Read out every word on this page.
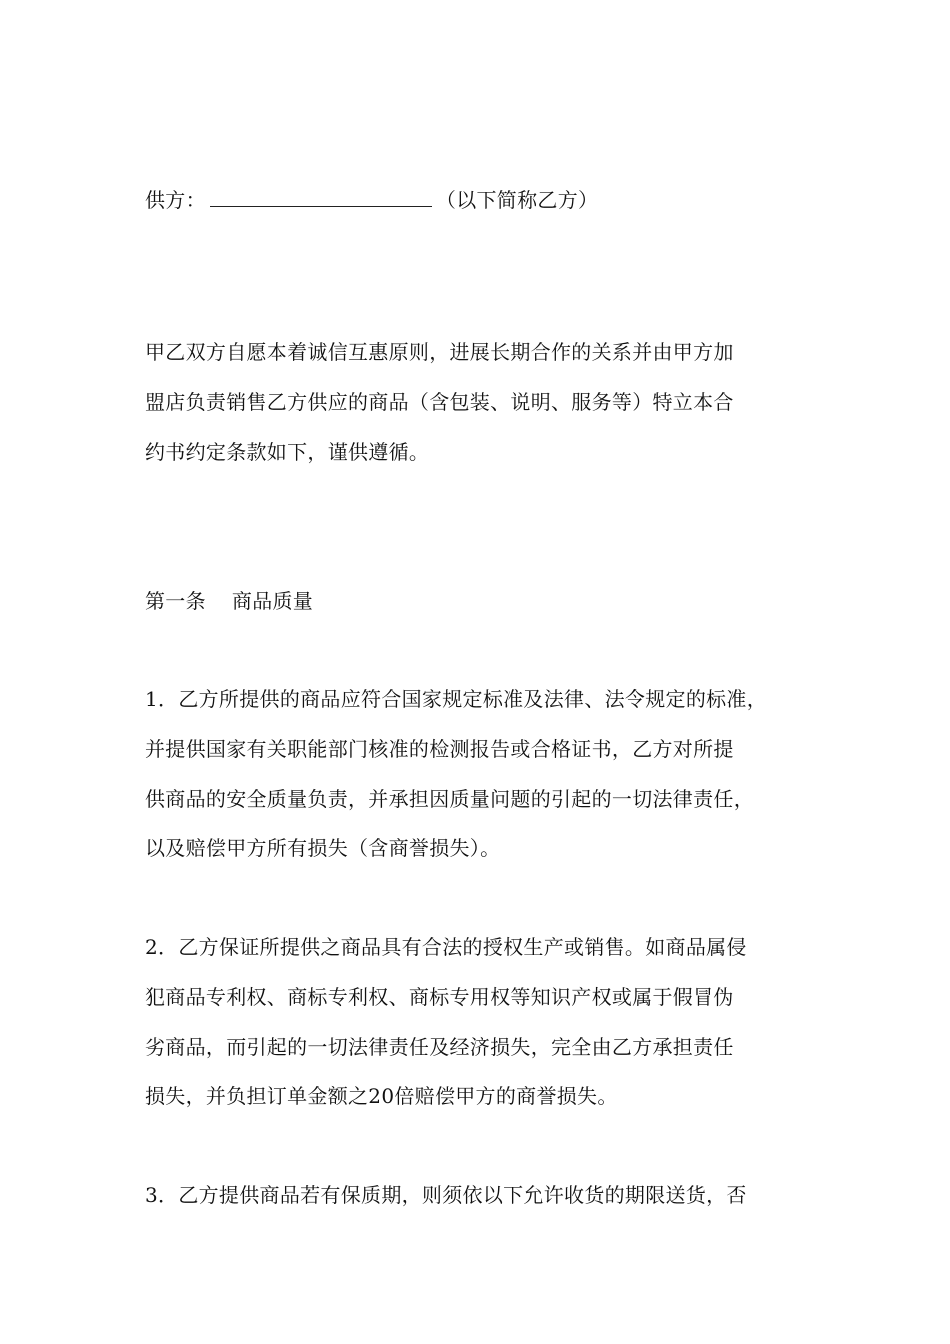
供方：	（以下简称乙方）
甲乙双方自愿本着诚信互惠原则，进展长期合作的关系并由甲方加
盟店负责销售乙方供应的商品（含包装、说明、服务等）特立本合
约书约定条款如下，谨供遵循。
第一条 商品质量
1．乙方所提供的商品应符合国家规定标准及法律、法令规定的标准，
并提供国家有关职能部门核准的检测报告或合格证书，乙方对所提
供商品的安全质量负责，并承担因质量问题的引起的一切法律责任，
以及赔偿甲方所有损失（含商誉损失）。
2．乙方保证所提供之商品具有合法的授权生产或销售。如商品属侵
犯商品专利权、商标专利权、商标专用权等知识产权或属于假冒伪
劣商品，而引起的一切法律责任及经济损失，完全由乙方承担责任
损失，并负担订单金额之20倍赔偿甲方的商誉损失。
3．乙方提供商品若有保质期，则须依以下允许收货的期限送货，否
